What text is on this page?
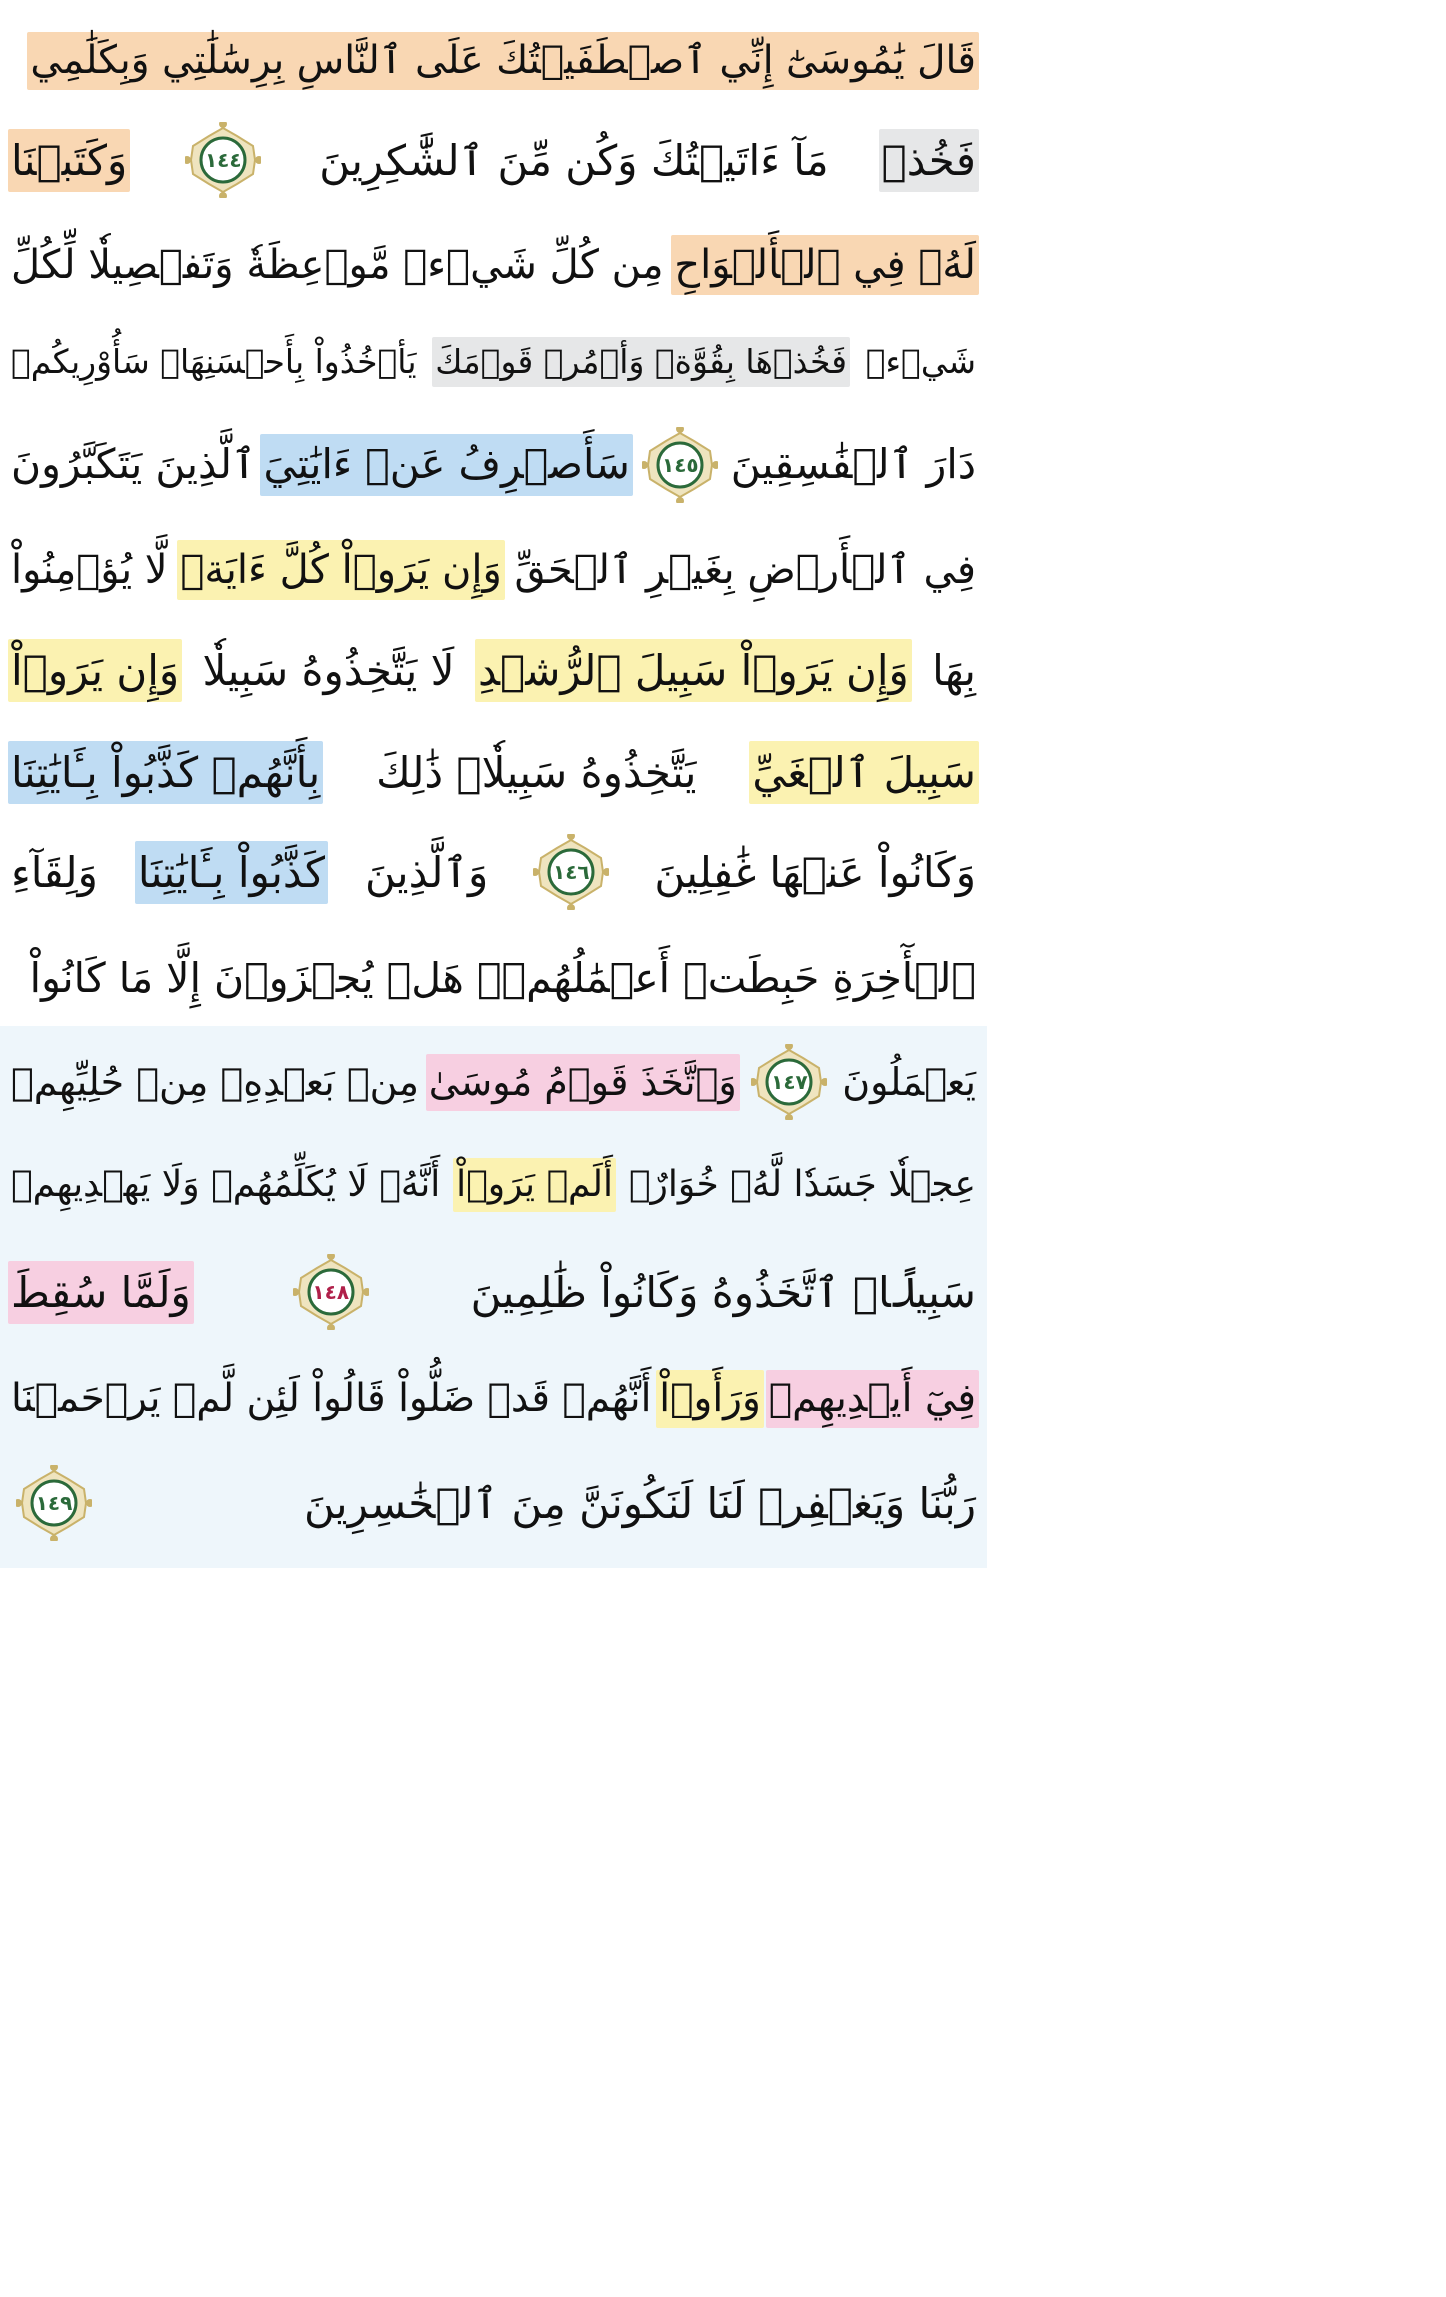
قَالَ يَٰمُوسَىٰٓ إِنِّي ٱصۡطَفَيۡتُكَ عَلَى ٱلنَّاسِ بِرِسَٰلَٰتِي وَبِكَلَٰمِي
فَخُذۡ
مَآ ءَاتَيۡتُكَ وَكُن مِّنَ ٱلشَّٰكِرِينَ
١٤٤
وَكَتَبۡنَا
لَهُۥ فِي ٱلۡأَلۡوَاحِ
مِن كُلِّ شَيۡءٖ مَّوۡعِظَةٗ وَتَفۡصِيلٗا لِّكُلِّ
شَيۡءٖ
فَخُذۡهَا بِقُوَّةٖ وَأۡمُرۡ قَوۡمَكَ
يَأۡخُذُواْ بِأَحۡسَنِهَاۚ سَأُوْرِيكُمۡ
دَارَ ٱلۡفَٰسِقِينَ
١٤٥
سَأَصۡرِفُ عَنۡ ءَايَٰتِيَ
ٱلَّذِينَ يَتَكَبَّرُونَ
فِي ٱلۡأَرۡضِ بِغَيۡرِ ٱلۡحَقِّ
وَإِن يَرَوۡاْ كُلَّ ءَايَةٖ
لَّا يُؤۡمِنُواْ
بِهَا
وَإِن يَرَوۡاْ سَبِيلَ ٱلرُّشۡدِ
لَا يَتَّخِذُوهُ سَبِيلٗا
وَإِن يَرَوۡاْ
سَبِيلَ ٱلۡغَيِّ
يَتَّخِذُوهُ سَبِيلٗاۚ ذَٰلِكَ
بِأَنَّهُمۡ كَذَّبُواْ بِـَٔايَٰتِنَا
وَكَانُواْ عَنۡهَا غَٰفِلِينَ
١٤٦
وَٱلَّذِينَ
كَذَّبُواْ بِـَٔايَٰتِنَا
وَلِقَآءِ
ٱلۡأٓخِرَةِ حَبِطَتۡ أَعۡمَٰلُهُمۡۚ هَلۡ يُجۡزَوۡنَ إِلَّا مَا كَانُواْ
يَعۡمَلُونَ
١٤٧
وَٱتَّخَذَ قَوۡمُ مُوسَىٰ
مِنۢ بَعۡدِهِۦ مِنۡ حُلِيِّهِمۡ
عِجۡلٗا جَسَدٗا لَّهُۥ خُوَارٌۚ
أَلَمۡ يَرَوۡاْ
أَنَّهُۥ لَا يُكَلِّمُهُمۡ وَلَا يَهۡدِيهِمۡ
سَبِيلًاۘ ٱتَّخَذُوهُ وَكَانُواْ ظَٰلِمِينَ
١٤٨
وَلَمَّا سُقِطَ
فِيٓ أَيۡدِيهِمۡ
وَرَأَوۡاْ
أَنَّهُمۡ قَدۡ ضَلُّواْ قَالُواْ لَئِن لَّمۡ يَرۡحَمۡنَا
رَبُّنَا وَيَغۡفِرۡ لَنَا لَنَكُونَنَّ مِنَ ٱلۡخَٰسِرِينَ
١٤٩
